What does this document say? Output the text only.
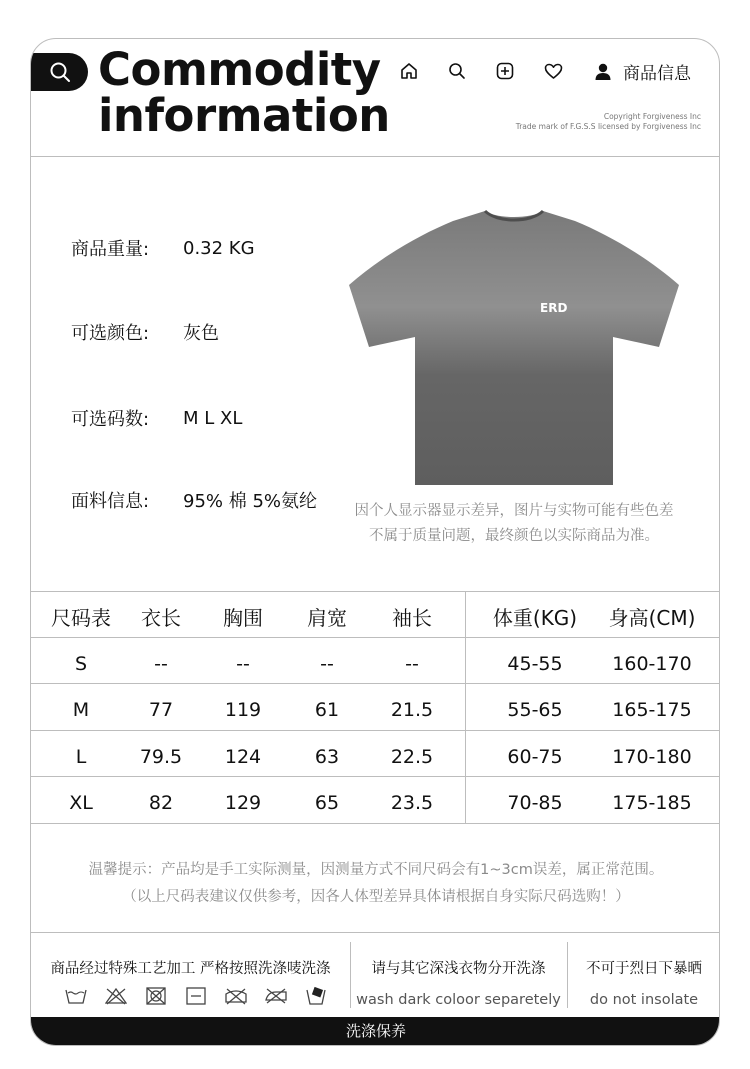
Commodity
information
商品信息
Copyright Forgiveness Inc
Trade mark of F.G.S.S licensed by Forgiveness Inc
商品重量:	0.32 KG
可选颜色:	灰色
可选码数:	M L XL
面料信息:	95% 棉 5%氨纶
ERD
因个人显示器显示差异，图片与实物可能有些色差
不属于质量问题，最终颜色以实际商品为准。
尺码表	衣长	胸围	肩宽	袖长	体重(KG)	身高(CM)
S	--	--	--	--	45-55	160-170
M	77	119	61	21.5	55-65	165-175
L	79.5	124	63	22.5	60-75	170-180
XL	82	129	65	23.5	70-85	175-185
温馨提示：产品均是手工实际测量，因测量方式不同尺码会有1~3cm误差，属正常范围。
（以上尺码表建议仅供参考，因各人体型差异具体请根据自身实际尺码选购！）
商品经过特殊工艺加工 严格按照洗涤唛洗涤	请与其它深浅衣物分开洗涤
wash dark coloor separetely
不可于烈日下暴晒
do not insolate
洗涤保养
